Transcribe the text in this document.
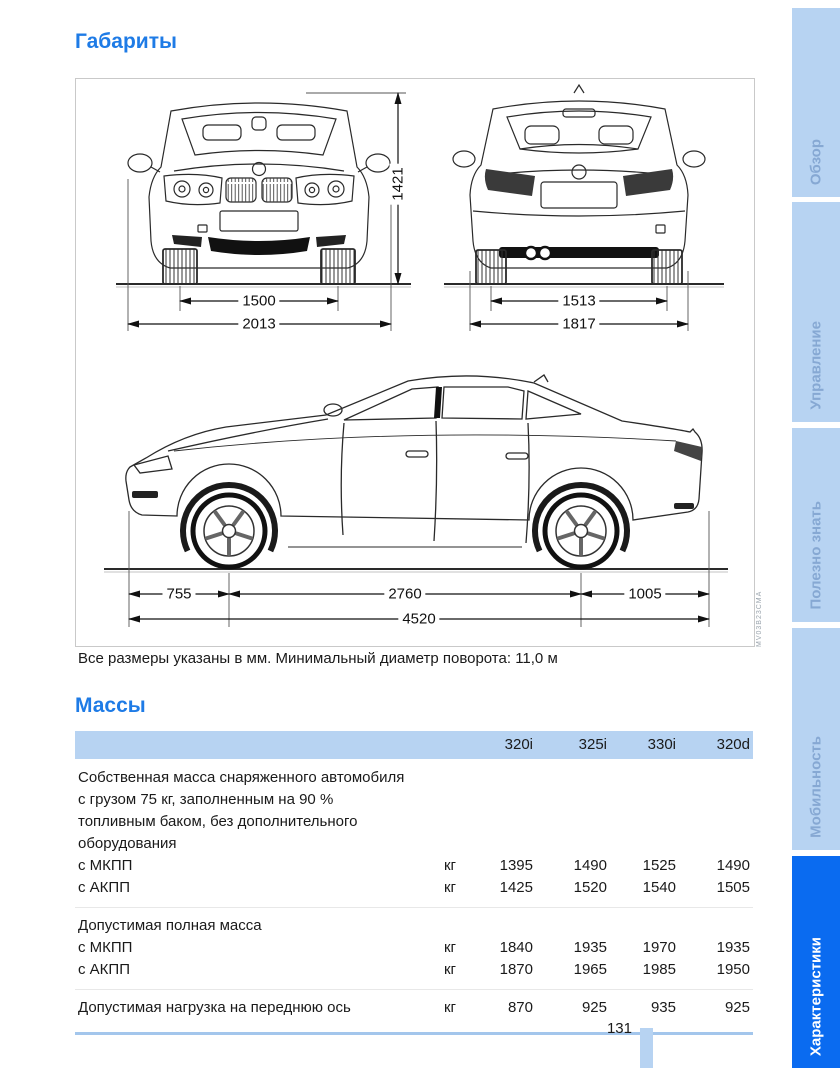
Габариты
1421
1500
2013
1513
1817
755	2760	1005
4520	MV03B23CMA

Все размеры указаны в мм. Минимальный диаметр поворота: 11,0 м

Массы
320i	325i	330i	320d
Собственная масса снаряженного автомобиля с грузом 75 кг, заполненным на 90 % топливным баком, без дополнительного оборудования
с МКПП	кг	1395	1490	1525	1490
с АКПП	кг	1425	1520	1540	1505
Допустимая полная масса
с МКПП	кг	1840	1935	1970	1935
с АКПП	кг	1870	1965	1985	1950
Допустимая нагрузка на переднюю ось	кг	870	925	935	925
131
Обзор
Управление
Полезно знать
Мобильность
Характеристики
